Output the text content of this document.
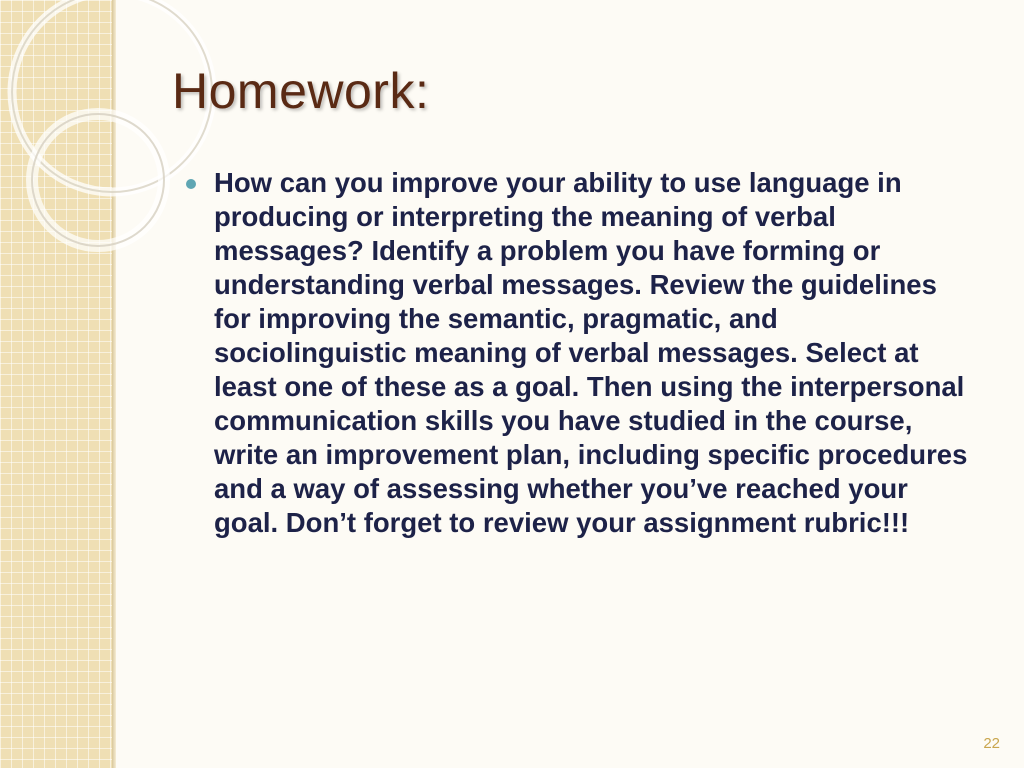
Homework:

How can you improve your ability to use language in producing or interpreting the meaning of verbal messages? Identify a problem you have forming or understanding verbal messages. Review the guidelines for improving the semantic, pragmatic, and sociolinguistic meaning of verbal messages. Select at least one of these as a goal. Then using the interpersonal communication skills you have studied in the course, write an improvement plan, including specific procedures and a way of assessing whether you’ve reached your goal. Don’t forget to review your assignment rubric!!!

22
